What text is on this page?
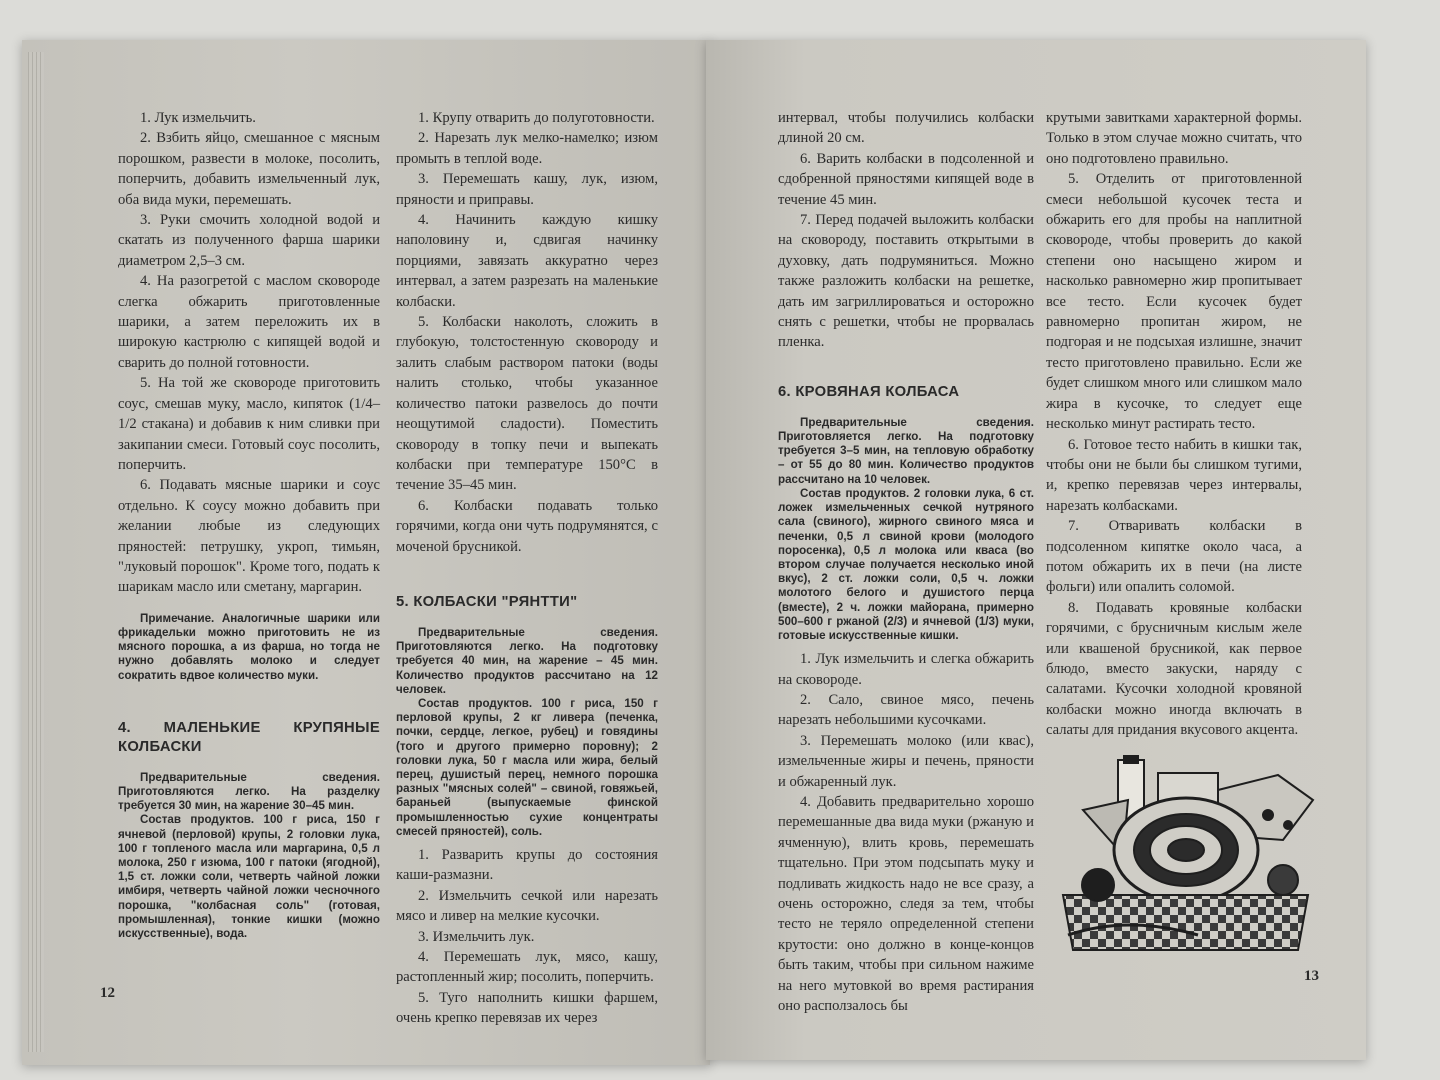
1. Лук измельчить.

2. Взбить яйцо, смешанное с мясным порошком, развести в молоке, посолить, поперчить, добавить измельченный лук, оба вида муки, перемешать.

3. Руки смочить холодной водой и скатать из полученного фарша шарики диаметром 2,5–3 см.

4. На разогретой с маслом сковороде слегка обжарить приготовленные шарики, а затем переложить их в широкую кастрюлю с кипящей водой и сварить до полной готовности.

5. На той же сковороде приготовить соус, смешав муку, масло, кипяток (1/4–1/2 стакана) и добавив к ним сливки при закипании смеси. Готовый соус посолить, поперчить.

6. Подавать мясные шарики и соус отдельно. К соусу можно добавить при желании любые из следующих пряностей: петрушку, укроп, тимьян, "луковый порошок". Кроме того, подать к шарикам масло или сметану, маргарин.

Примечание. Аналогичные шарики или фрикадельки можно приготовить не из мясного порошка, а из фарша, но тогда не нужно добавлять молоко и следует сократить вдвое количество муки.

4. МАЛЕНЬКИЕ КРУПЯНЫЕ КОЛБАСКИ

Предварительные сведения. Приготовляются легко. На разделку требуется 30 мин, на жарение 30–45 мин.

Состав продуктов. 100 г риса, 150 г ячневой (перловой) крупы, 2 головки лука, 100 г топленого масла или маргарина, 0,5 л молока, 250 г изюма, 100 г патоки (ягодной), 1,5 ст. ложки соли, четверть чайной ложки имбиря, четверть чайной ложки чесночного порошка, "колбасная соль" (готовая, промышленная), тонкие кишки (можно искусственные), вода.

1. Крупу отварить до полуготовности.

2. Нарезать лук мелко-намелко; изюм промыть в теплой воде.

3. Перемешать кашу, лук, изюм, пряности и приправы.

4. Начинить каждую кишку наполовину и, сдвигая начинку порциями, завязать аккуратно через интервал, а затем разрезать на маленькие колбаски.

5. Колбаски наколоть, сложить в глубокую, толстостенную сковороду и залить слабым раствором патоки (воды налить столько, чтобы указанное количество патоки развелось до почти неощутимой сладости). Поместить сковороду в топку печи и выпекать колбаски при температуре 150°С в течение 35–45 мин.

6. Колбаски подавать только горячими, когда они чуть подрумянятся, с моченой брусникой.

5. КОЛБАСКИ "РЯНТТИ"

Предварительные сведения. Приготовляются легко. На подготовку требуется 40 мин, на жарение – 45 мин. Количество продуктов рассчитано на 12 человек.

Состав продуктов. 100 г риса, 150 г перловой крупы, 2 кг ливера (печенка, почки, сердце, легкое, рубец) и говядины (того и другого примерно поровну); 2 головки лука, 50 г масла или жира, белый перец, душистый перец, немного порошка разных "мясных солей" – свиной, говяжьей, бараньей (выпускаемые финской промышленностью сухие концентраты смесей пряностей), соль.

1. Разварить крупы до состояния каши-размазни.

2. Измельчить сечкой или нарезать мясо и ливер на мелкие кусочки.

3. Измельчить лук.

4. Перемешать лук, мясо, кашу, растопленный жир; посолить, поперчить.

5. Туго наполнить кишки фаршем, очень крепко перевязав их через

12

интервал, чтобы получились колбаски длиной 20 см.

6. Варить колбаски в подсоленной и сдобренной пряностями кипящей воде в течение 45 мин.

7. Перед подачей выложить колбаски на сковороду, поставить открытыми в духовку, дать подрумяниться. Можно также разложить колбаски на решетке, дать им загриллироваться и осторожно снять с решетки, чтобы не прорвалась пленка.

6. КРОВЯНАЯ КОЛБАСА

Предварительные сведения. Приготовляется легко. На подготовку требуется 3–5 мин, на тепловую обработку – от 55 до 80 мин. Количество продуктов рассчитано на 10 человек.

Состав продуктов. 2 головки лука, 6 ст. ложек измельченных сечкой нутряного сала (свиного), жирного свиного мяса и печенки, 0,5 л свиной крови (молодого поросенка), 0,5 л молока или кваса (во втором случае получается несколько иной вкус), 2 ст. ложки соли, 0,5 ч. ложки молотого белого и душистого перца (вместе), 2 ч. ложки майорана, примерно 500–600 г ржаной (2/3) и ячневой (1/3) муки, готовые искусственные кишки.

1. Лук измельчить и слегка обжарить на сковороде.

2. Сало, свиное мясо, печень нарезать небольшими кусочками.

3. Перемешать молоко (или квас), измельченные жиры и печень, пряности и обжаренный лук.

4. Добавить предварительно хорошо перемешанные два вида муки (ржаную и ячменную), влить кровь, перемешать тщательно. При этом подсыпать муку и подливать жидкость надо не все сразу, а очень осторожно, следя за тем, чтобы тесто не теряло определенной степени крутости: оно должно в конце-концов быть таким, чтобы при сильном нажиме на него мутовкой во время растирания оно расползалось бы

крутыми завитками характерной формы. Только в этом случае можно считать, что оно подготовлено правильно.

5. Отделить от приготовленной смеси небольшой кусочек теста и обжарить его для пробы на наплитной сковороде, чтобы проверить до какой степени оно насыщено жиром и насколько равномерно жир пропитывает все тесто. Если кусочек будет равномерно пропитан жиром, не подгорая и не подсыхая излишне, значит тесто приготовлено правильно. Если же будет слишком много или слишком мало жира в кусочке, то следует еще несколько минут растирать тесто.

6. Готовое тесто набить в кишки так, чтобы они не были бы слишком тугими, и, крепко перевязав через интервалы, нарезать колбасками.

7. Отваривать колбаски в подсоленном кипятке около часа, а потом обжарить их в печи (на листе фольги) или опалить соломой.

8. Подавать кровяные колбаски горячими, с брусничным кислым желе или квашеной брусникой, как первое блюдо, вместо закуски, наряду с салатами. Кусочки холодной кровяной колбаски можно иногда включать в салаты для придания вкусового акцента.

13
